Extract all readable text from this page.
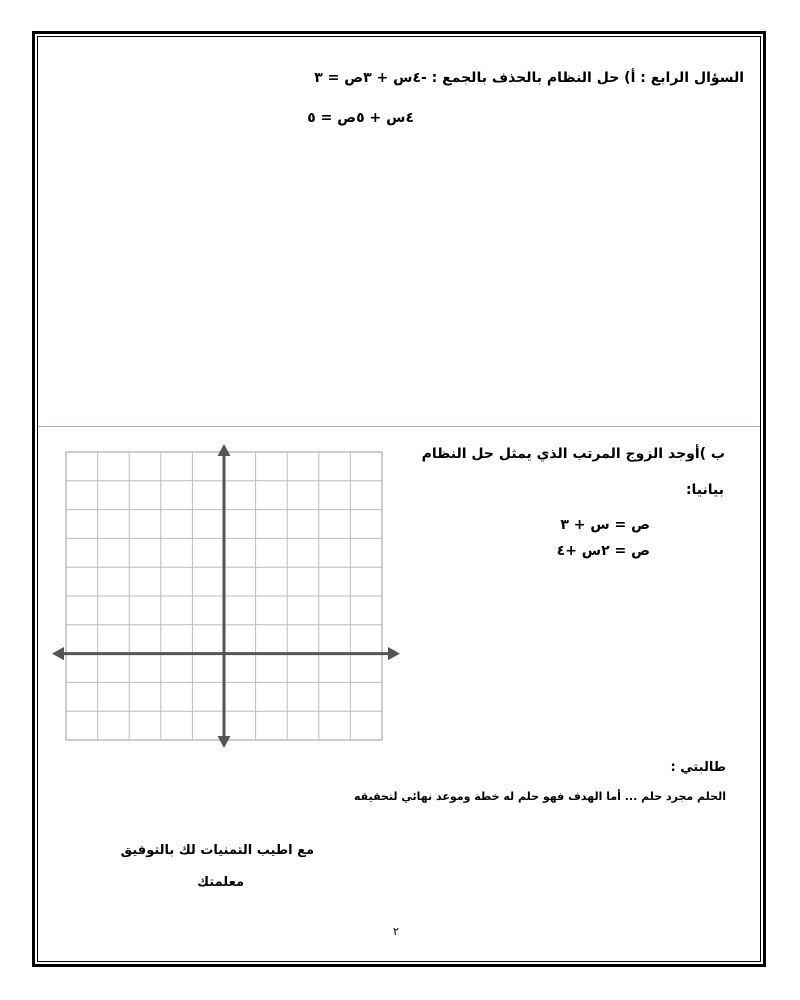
السؤال الرابع : أ) حل النظام بالحذف بالجمع : -٤س + ٣ص = ٣
٤س + ٥ص = ٥
ب )أوجد الزوج المرتب الذي يمثل حل النظام
بيانيا:
ص = س + ٣
ص = ٢س +٤
طالبتي :
الحلم مجرد حلم ... أما الهدف فهو حلم له خطة وموعد نهائي لتحقيقه
مع اطيب التمنيات لك بالتوفيق
معلمتك
٢
